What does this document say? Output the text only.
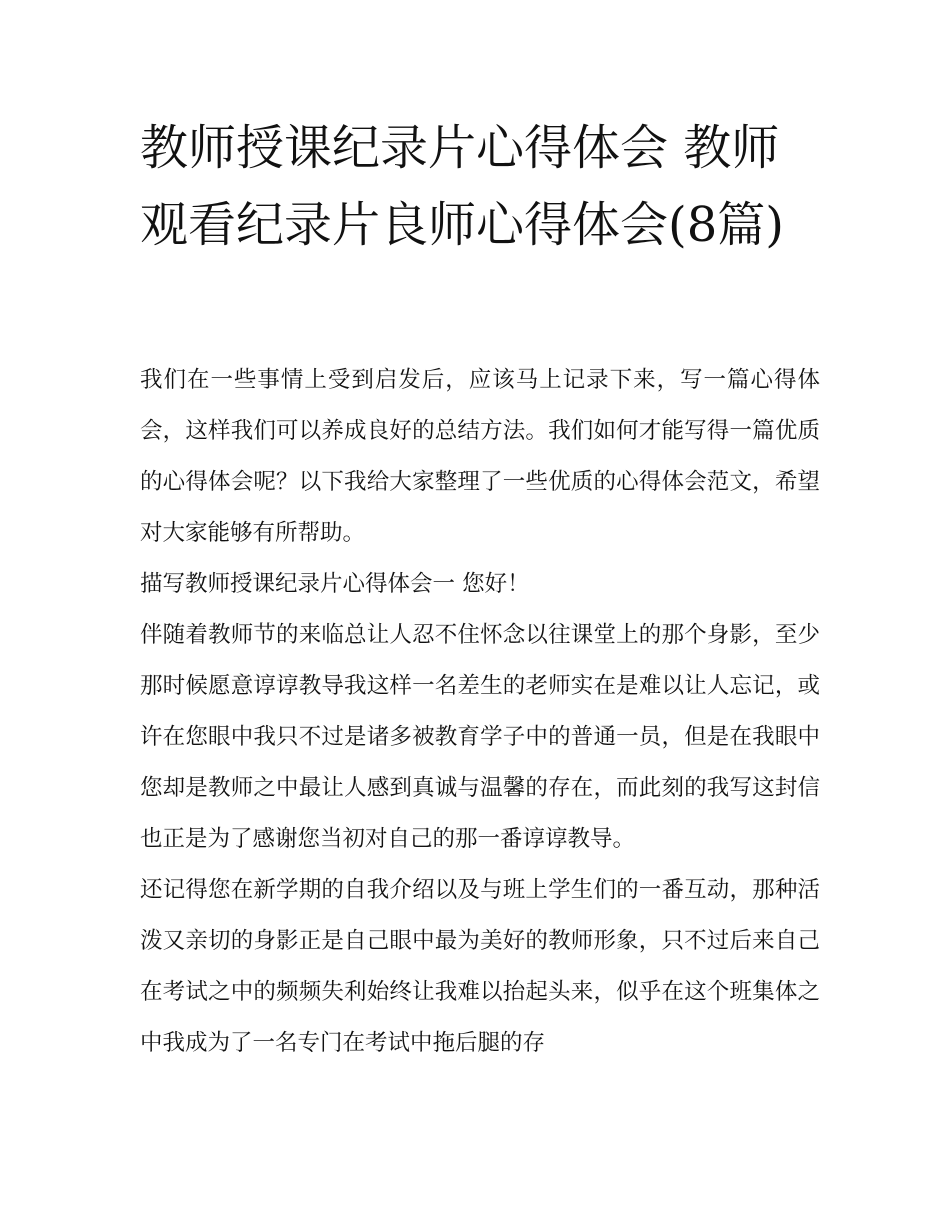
教师授课纪录片心得体会 教师观看纪录片良师心得体会(8篇)

我们在一些事情上受到启发后，应该马上记录下来，写一篇心得体会，这样我们可以养成良好的总结方法。我们如何才能写得一篇优质的心得体会呢？以下我给大家整理了一些优质的心得体会范文，希望对大家能够有所帮助。

描写教师授课纪录片心得体会一 您好！

伴随着教师节的来临总让人忍不住怀念以往课堂上的那个身影，至少那时候愿意谆谆教导我这样一名差生的老师实在是难以让人忘记，或许在您眼中我只不过是诸多被教育学子中的普通一员，但是在我眼中您却是教师之中最让人感到真诚与温馨的存在，而此刻的我写这封信也正是为了感谢您当初对自己的那一番谆谆教导。

还记得您在新学期的自我介绍以及与班上学生们的一番互动，那种活泼又亲切的身影正是自己眼中最为美好的教师形象，只不过后来自己在考试之中的频频失利始终让我难以抬起头来，似乎在这个班集体之中我成为了一名专门在考试中拖后腿的存
